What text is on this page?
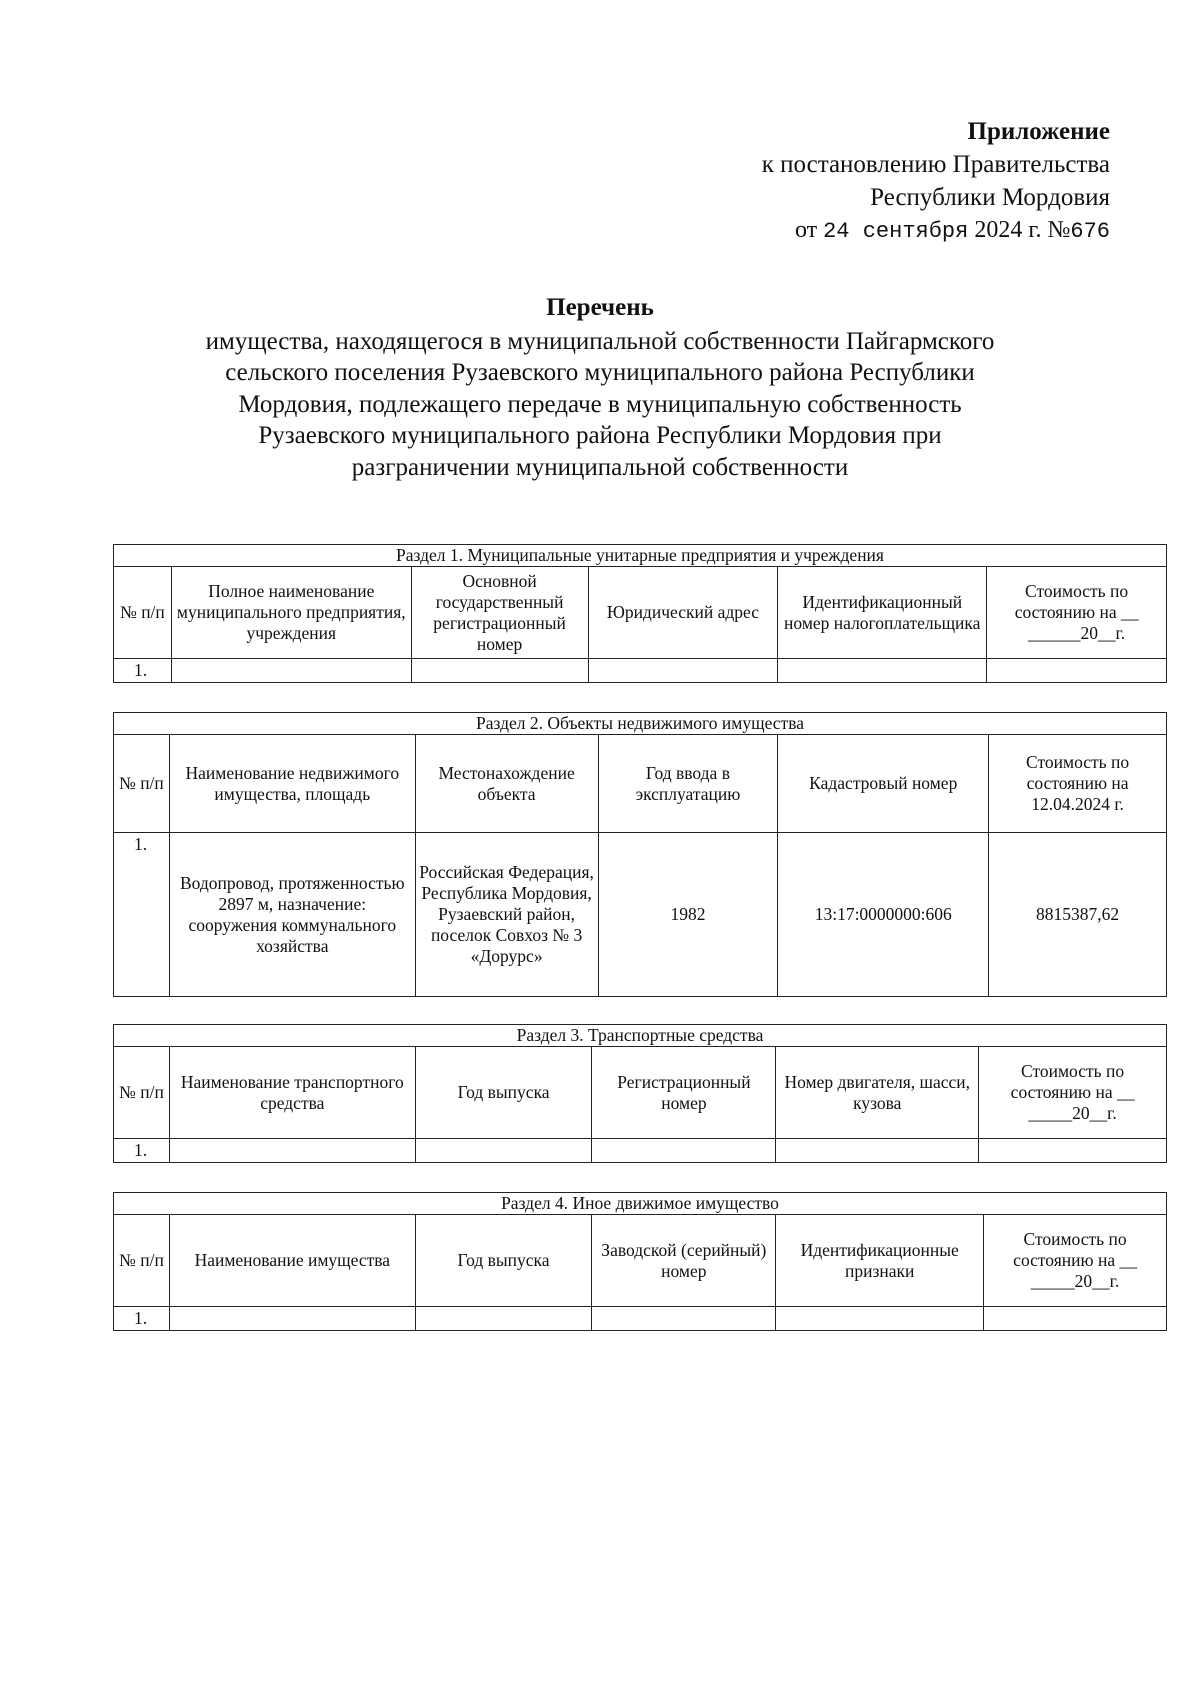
Приложение
к постановлению Правительства
Республики Мордовия
от 24 сентября 2024 г. №676
Перечень
имущества, находящегося в муниципальной собственности Пайгармского
сельского поселения Рузаевского муниципального района Республики
Мордовия, подлежащего передаче в муниципальную собственность
Рузаевского муниципального района Республики Мордовия при
разграничении муниципальной собственности
Раздел 1. Муниципальные унитарные предприятия и учреждения					
№ п/п	Полное наименование муниципального предприятия, учреждения	Основной государственный регистрационный номер	Юридический адрес	Идентификационный номер налогоплательщика	Стоимость по состоянию на __ ______20__г.
1.					
Раздел 2. Объекты недвижимого имущества					
№ п/п	Наименование недвижимого имущества, площадь	Местонахождение объекта	Год ввода в эксплуатацию	Кадастровый номер	Стоимость по состоянию на 12.04.2024 г.
1.	Водопровод, протяженностью 2897 м, назначение: сооружения коммунального хозяйства	Российская Федерация, Республика Мордовия, Рузаевский район, поселок Совхоз № 3 «Дорурс»	1982	13:17:0000000:606	8815387,62
Раздел 3. Транспортные средства					
№ п/п	Наименование транспортного средства	Год выпуска	Регистрационный номер	Номер двигателя, шасси, кузова	Стоимость по состоянию на __ _____20__г.
1.					
Раздел 4. Иное движимое имущество					
№ п/п	Наименование имущества	Год выпуска	Заводской (серийный) номер	Идентификационные признаки	Стоимость по состоянию на __ _____20__г.
1.					
